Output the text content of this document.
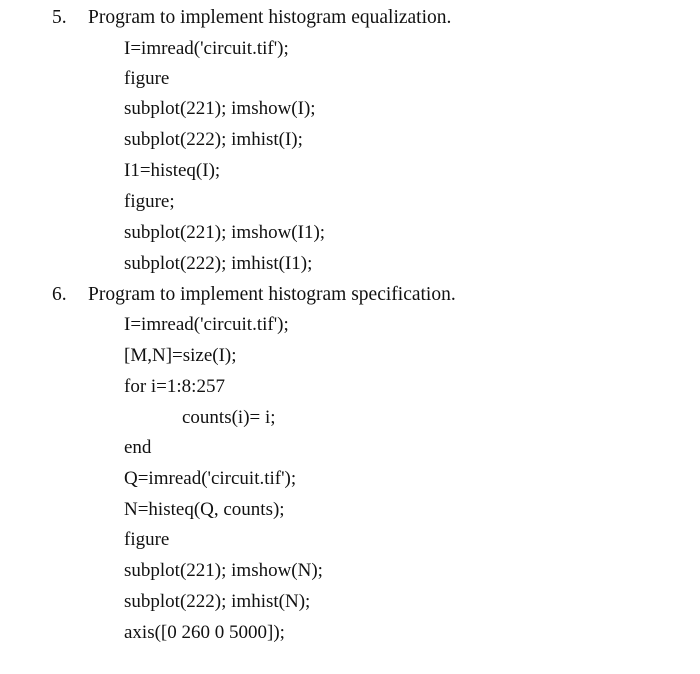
5. Program to implement histogram equalization.
I=imread('circuit.tif');
figure
subplot(221); imshow(I);
subplot(222); imhist(I);
I1=histeq(I);
figure;
subplot(221); imshow(I1);
subplot(222); imhist(I1);
6. Program to implement histogram specification.
I=imread('circuit.tif');
[M,N]=size(I);
for i=1:8:257
counts(i)= i;
end
Q=imread('circuit.tif');
N=histeq(Q, counts);
figure
subplot(221); imshow(N);
subplot(222); imhist(N);
axis([0 260 0 5000]);
